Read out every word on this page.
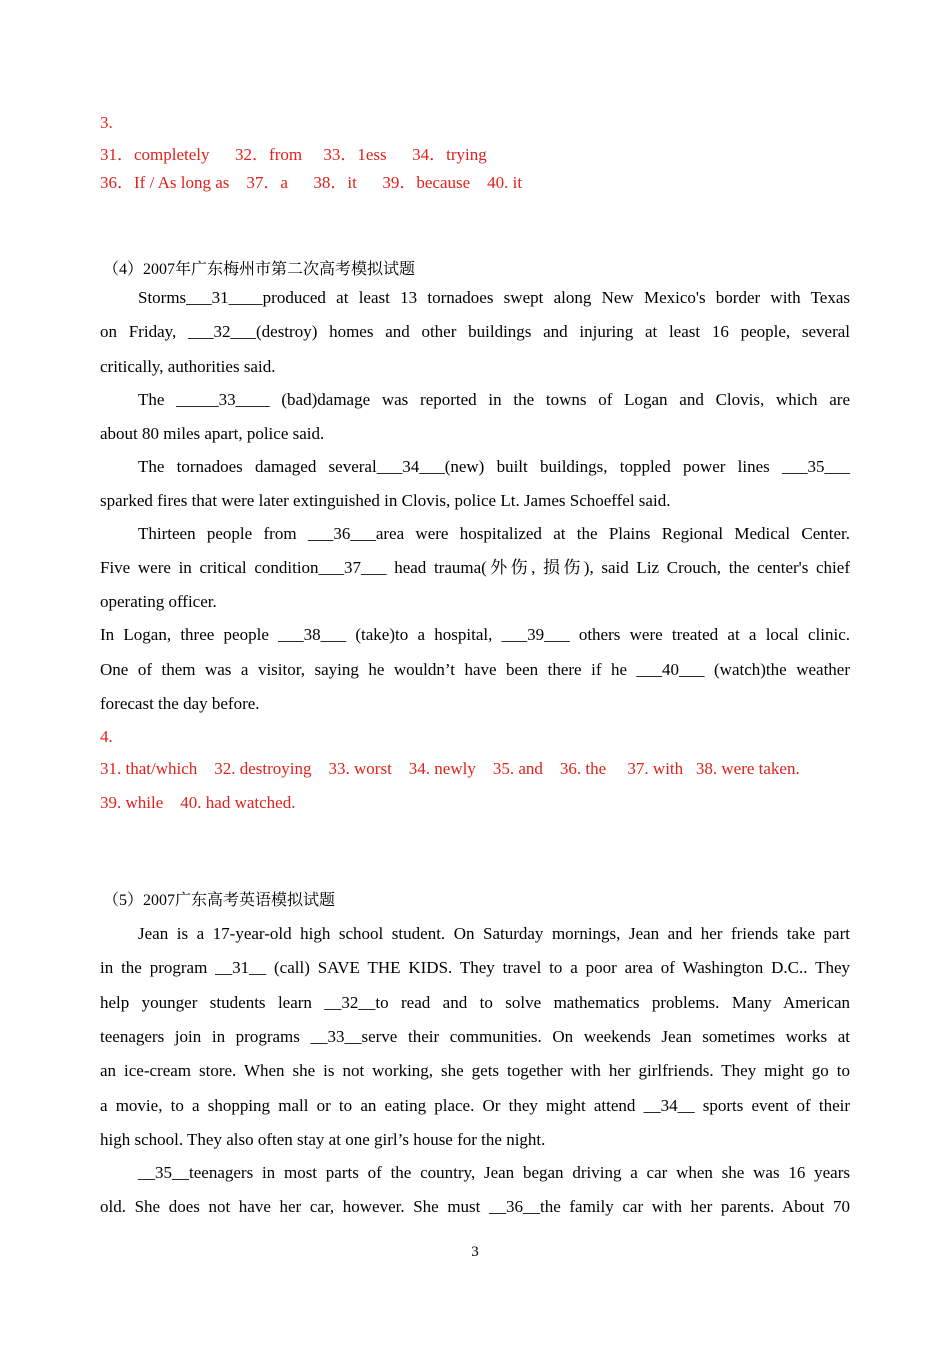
3.
31．completely      32．from     33．1ess      34．trying
36．If / As long as    37．a      38．it      39．because    40. it
（4）2007年广东梅州市第二次高考模拟试题
Storms___31____produced at least 13 tornadoes swept along New Mexico's border with Texas
on Friday, ___32___(destroy) homes and other buildings and injuring at least 16 people, several
critically, authorities said.
The _____33____ (bad)damage was reported in the towns of Logan and Clovis, which are
about 80 miles apart, police said.
The tornadoes damaged several___34___(new) built buildings, toppled power lines ___35___
sparked fires that were later extinguished in Clovis, police Lt. James Schoeffel said.
Thirteen people from ___36___area were hospitalized at the Plains Regional Medical Center.
Five were in critical condition___37___ head trauma(外伤, 损伤), said Liz Crouch, the center's chief
operating officer.
In Logan, three people ___38___ (take)to a hospital, ___39___ others were treated at a local clinic.
One of them was a visitor, saying he wouldn’t have been there if he ___40___ (watch)the weather
forecast the day before.
4.
31. that/which    32. destroying    33. worst    34. newly    35. and    36. the     37. with   38. were taken.
39. while    40. had watched.
（5）2007广东高考英语模拟试题
Jean is a 17-year-old high school student. On Saturday mornings, Jean and her friends take part
in the program __31__ (call) SAVE THE KIDS. They travel to a poor area of Washington D.C.. They
help younger students learn __32__to read and to solve mathematics problems. Many American
teenagers join in programs __33__serve their communities. On weekends Jean sometimes works at
an ice-cream store. When she is not working, she gets together with her girlfriends. They might go to
a movie, to a shopping mall or to an eating place. Or they might attend __34__ sports event of their
high school. They also often stay at one girl’s house for the night.
__35__teenagers in most parts of the country, Jean began driving a car when she was 16 years
old. She does not have her car, however. She must __36__the family car with her parents. About 70
3
